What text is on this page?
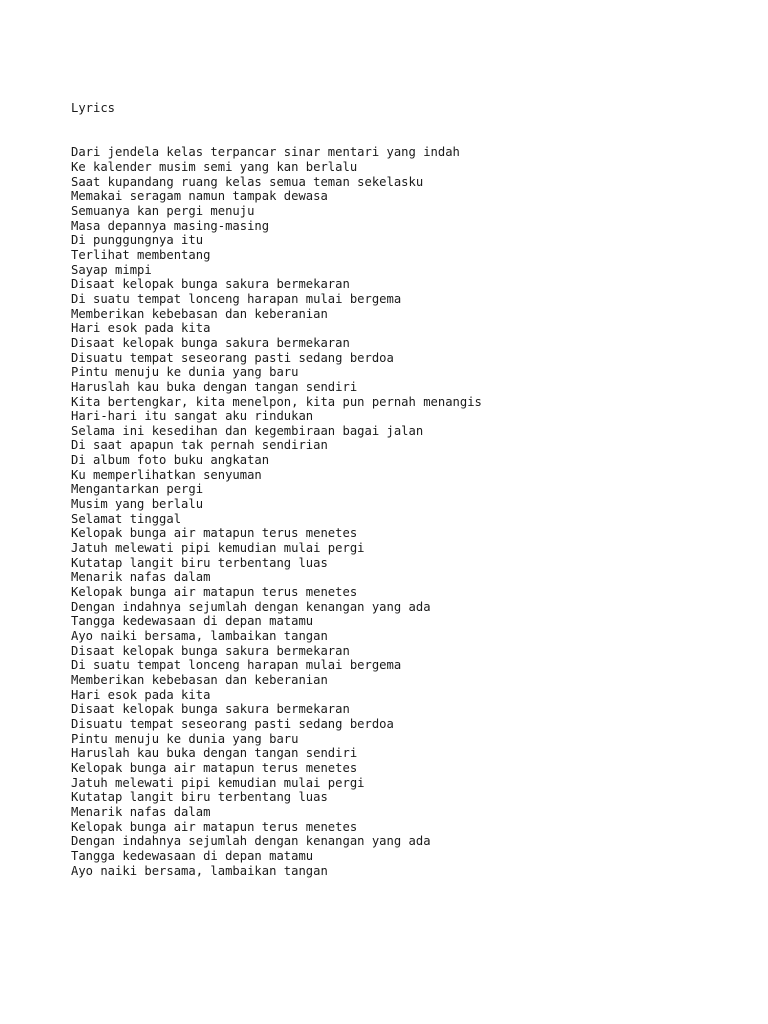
Lyrics

Dari jendela kelas terpancar sinar mentari yang indah
Ke kalender musim semi yang kan berlalu
Saat kupandang ruang kelas semua teman sekelasku
Memakai seragam namun tampak dewasa
Semuanya kan pergi menuju
Masa depannya masing-masing
Di punggungnya itu
Terlihat membentang
Sayap mimpi
Disaat kelopak bunga sakura bermekaran
Di suatu tempat lonceng harapan mulai bergema
Memberikan kebebasan dan keberanian
Hari esok pada kita
Disaat kelopak bunga sakura bermekaran
Disuatu tempat seseorang pasti sedang berdoa
Pintu menuju ke dunia yang baru
Haruslah kau buka dengan tangan sendiri
Kita bertengkar, kita menelpon, kita pun pernah menangis
Hari-hari itu sangat aku rindukan
Selama ini kesedihan dan kegembiraan bagai jalan
Di saat apapun tak pernah sendirian
Di album foto buku angkatan
Ku memperlihatkan senyuman
Mengantarkan pergi
Musim yang berlalu
Selamat tinggal
Kelopak bunga air matapun terus menetes
Jatuh melewati pipi kemudian mulai pergi
Kutatap langit biru terbentang luas
Menarik nafas dalam
Kelopak bunga air matapun terus menetes
Dengan indahnya sejumlah dengan kenangan yang ada
Tangga kedewasaan di depan matamu
Ayo naiki bersama, lambaikan tangan
Disaat kelopak bunga sakura bermekaran
Di suatu tempat lonceng harapan mulai bergema
Memberikan kebebasan dan keberanian
Hari esok pada kita
Disaat kelopak bunga sakura bermekaran
Disuatu tempat seseorang pasti sedang berdoa
Pintu menuju ke dunia yang baru
Haruslah kau buka dengan tangan sendiri
Kelopak bunga air matapun terus menetes
Jatuh melewati pipi kemudian mulai pergi
Kutatap langit biru terbentang luas
Menarik nafas dalam
Kelopak bunga air matapun terus menetes
Dengan indahnya sejumlah dengan kenangan yang ada
Tangga kedewasaan di depan matamu
Ayo naiki bersama, lambaikan tangan
